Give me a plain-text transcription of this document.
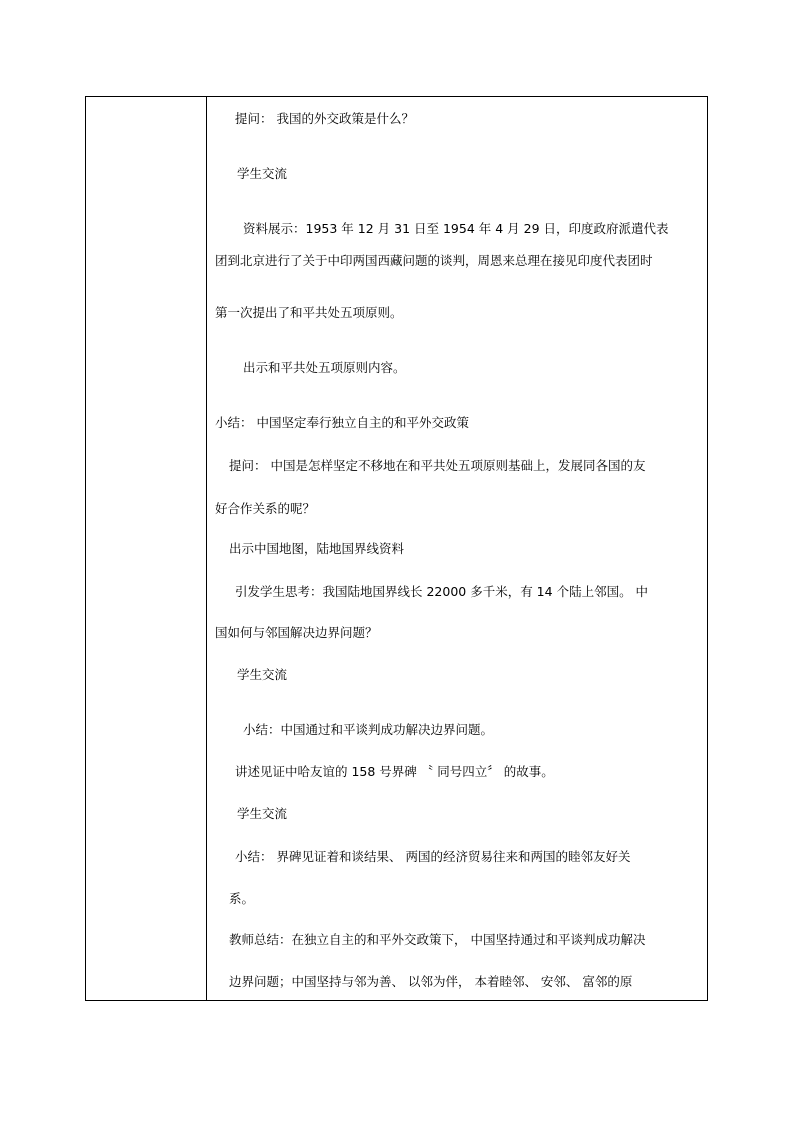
提问： 我国的外交政策是什么？
学生交流
资料展示：1953 年 12 月 31 日至 1954 年 4 月 29 日，印度政府派遣代表
团到北京进行了关于中印两国西藏问题的谈判，周恩来总理在接见印度代表团时
第一次提出了和平共处五项原则。
出示和平共处五项原则内容。
小结： 中国坚定奉行独立自主的和平外交政策
提问： 中国是怎样坚定不移地在和平共处五项原则基础上，发展同各国的友
好合作关系的呢？
出示中国地图，陆地国界线资料
引发学生思考：我国陆地国界线长 22000 多千米，有 14 个陆上邻国。 中
国如何与邻国解决边界问题？
学生交流
小结：中国通过和平谈判成功解决边界问题。
讲述见证中哈友谊的 158 号界碑 〝 同号四立〞 的故事。
学生交流
小结： 界碑见证着和谈结果、 两国的经济贸易往来和两国的睦邻友好关
系。
教师总结：在独立自主的和平外交政策下， 中国坚持通过和平谈判成功解决
边界问题；中国坚持与邻为善、 以邻为伴， 本着睦邻、 安邻、 富邻的原
